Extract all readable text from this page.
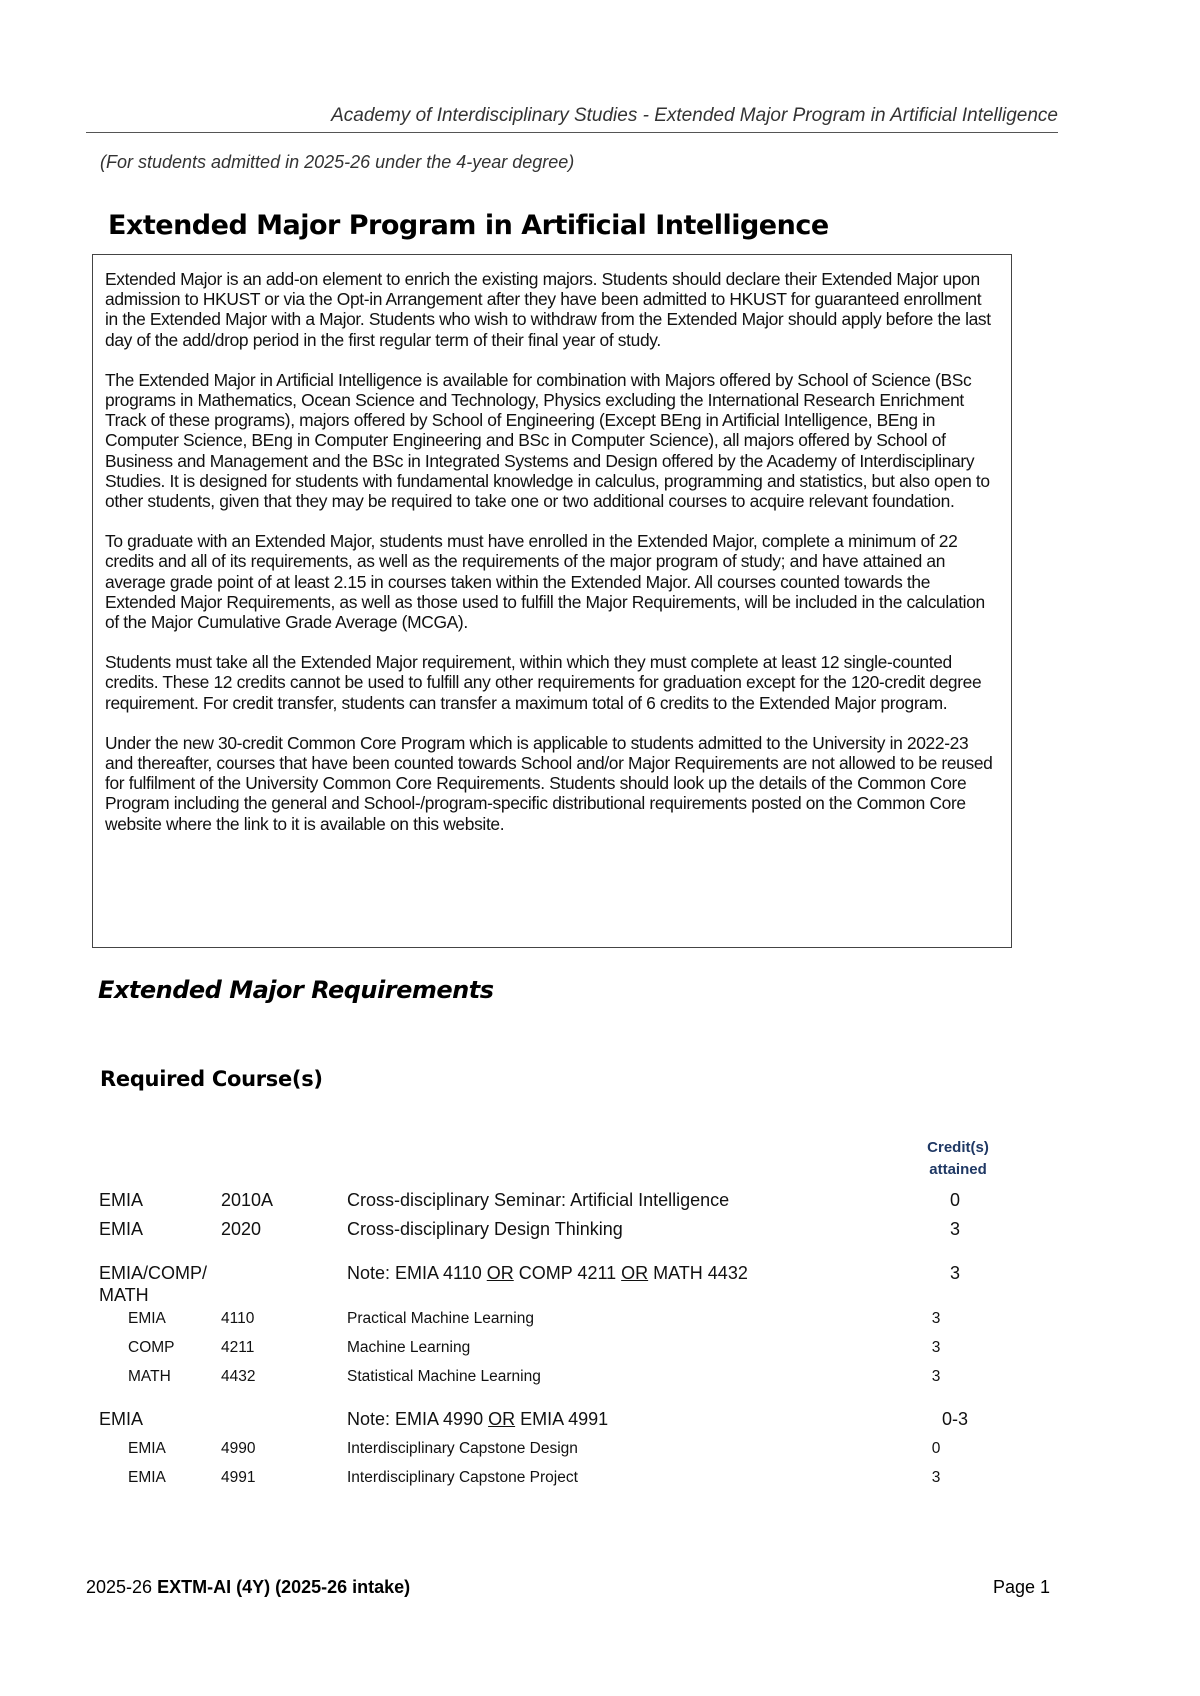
Academy of Interdisciplinary Studies - Extended Major Program in Artificial Intelligence
(For students admitted in 2025-26 under the 4-year degree)
Extended Major Program in Artificial Intelligence

Extended Major is an add-on element to enrich the existing majors. Students should declare their Extended Major upon admission to HKUST or via the Opt-in Arrangement after they have been admitted to HKUST for guaranteed enrollment in the Extended Major with a Major. Students who wish to withdraw from the Extended Major should apply before the last day of the add/drop period in the first regular term of their final year of study.

The Extended Major in Artificial Intelligence is available for combination with Majors offered by School of Science (BSc programs in Mathematics, Ocean Science and Technology, Physics excluding the International Research Enrichment Track of these programs), majors offered by School of Engineering (Except BEng in Artificial Intelligence, BEng in Computer Science, BEng in Computer Engineering and BSc in Computer Science), all majors offered by School of Business and Management and the BSc in Integrated Systems and Design offered by the Academy of Interdisciplinary Studies. It is designed for students with fundamental knowledge in calculus, programming and statistics, but also open to other students, given that they may be required to take one or two additional courses to acquire relevant foundation.

To graduate with an Extended Major, students must have enrolled in the Extended Major, complete a minimum of 22 credits and all of its requirements, as well as the requirements of the major program of study; and have attained an average grade point of at least 2.15 in courses taken within the Extended Major. All courses counted towards the Extended Major Requirements, as well as those used to fulfill the Major Requirements, will be included in the calculation of the Major Cumulative Grade Average (MCGA).

Students must take all the Extended Major requirement, within which they must complete at least 12 single-counted credits. These 12 credits cannot be used to fulfill any other requirements for graduation except for the 120-credit degree requirement. For credit transfer, students can transfer a maximum total of 6 credits to the Extended Major program.

Under the new 30-credit Common Core Program which is applicable to students admitted to the University in 2022-23 and thereafter, courses that have been counted towards School and/or Major Requirements are not allowed to be reused for fulfilment of the University Common Core Requirements. Students should look up the details of the Common Core Program including the general and School-/program-specific distributional requirements posted on the Common Core website where the link to it is available on this website.

Extended Major Requirements
Required Course(s)
Credit(s) attained
EMIA	2010A	Cross-disciplinary Seminar: Artificial Intelligence	0
EMIA	2020	Cross-disciplinary Design Thinking	3
EMIA/COMP/ MATH
Note: EMIA 4110 OR COMP 4211 OR MATH 4432	3
EMIA	4110	Practical Machine Learning	3
COMP	4211	Machine Learning	3
MATH	4432	Statistical Machine Learning	3
EMIA	Note: EMIA 4990 OR EMIA 4991	0-3
EMIA	4990	Interdisciplinary Capstone Design	0
EMIA	4991	Interdisciplinary Capstone Project	3
2025-26 EXTM-AI (4Y) (2025-26 intake)	Page 1
